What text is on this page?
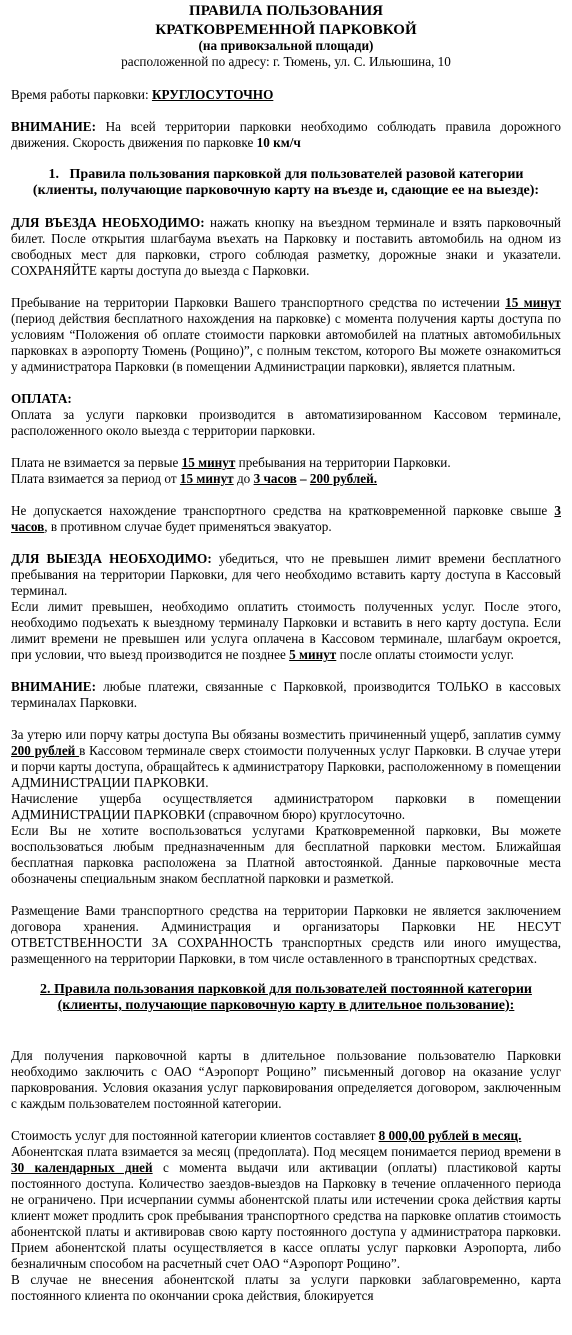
ПРАВИЛА ПОЛЬЗОВАНИЯ
КРАТКОВРЕМЕННОЙ ПАРКОВКОЙ
(на привокзальной площади)
расположенной по адресу: г. Тюмень, ул. С. Ильюшина, 10

Время работы парковки: КРУГЛОСУТОЧНО

ВНИМАНИЕ: На всей территории парковки необходимо соблюдать правила дорожного движения. Скорость движения по парковке 10 км/ч

1. Правила пользования парковкой для пользователей разовой категории
(клиенты, получающие парковочную карту на въезде и, сдающие ее на выезде):

ДЛЯ ВЪЕЗДА НЕОБХОДИМО: нажать кнопку на въездном терминале и взять парковочный билет. После открытия шлагбаума въехать на Парковку и поставить автомобиль на одном из свободных мест для парковки, строго соблюдая разметку, дорожные знаки и указатели. СОХРАНЯЙТЕ карты доступа до выезда с Парковки.

Пребывание на территории Парковки Вашего транспортного средства по истечении 15 минут (период действия бесплатного нахождения на парковке) с момента получения карты доступа по условиям “Положения об оплате стоимости парковки автомобилей на платных автомобильных парковках в аэропорту Тюмень (Рощино)”, с полным текстом, которого Вы можете ознакомиться у администратора Парковки (в помещении Администрации парковки), является платным.

ОПЛАТА:

Оплата за услуги парковки производится в автоматизированном Кассовом терминале, расположенного около выезда с территории парковки.

Плата не взимается за первые 15 минут пребывания на территории Парковки.

Плата взимается за период от 15 минут до 3 часов – 200 рублей.

Не допускается нахождение транспортного средства на кратковременной парковке свыше 3 часов, в противном случае будет применяться эвакуатор.

ДЛЯ ВЫЕЗДА НЕОБХОДИМО: убедиться, что не превышен лимит времени бесплатного пребывания на территории Парковки, для чего необходимо вставить карту доступа в Кассовый терминал.

Если лимит превышен, необходимо оплатить стоимость полученных услуг. После этого, необходимо подъехать к выездному терминалу Парковки и вставить в него карту доступа. Если лимит времени не превышен или услуга оплачена в Кассовом терминале, шлагбаум окроется, при условии, что выезд производится не позднее 5 минут после оплаты стоимости услуг.

ВНИМАНИЕ: любые платежи, связанные с Парковкой, производится ТОЛЬКО в кассовых терминалах Парковки.

За утерю или порчу катры доступа Вы обязаны возместить причиненный ущерб, заплатив сумму 200 рублей в Кассовом терминале сверх стоимости полученных услуг Парковки. В случае утери и порчи карты доступа, обращайтесь к администратору Парковки, расположенному в помещении АДМИНИСТРАЦИИ ПАРКОВКИ.

Начисление ущерба осуществляется администратором парковки в помещении АДМИНИСТРАЦИИ ПАРКОВКИ (справочном бюро) круглосуточно.

Если Вы не хотите воспользоваться услугами Кратковременной парковки, Вы можете воспользоваться любым предназначенным для бесплатной парковки местом. Ближайшая бесплатная парковка расположена за Платной автостоянкой. Данные парковочные места обозначены специальным знаком бесплатной парковки и разметкой.

Размещение Вами транспортного средства на территории Парковки не является заключением договора хранения. Администрация и организаторы Парковки НЕ НЕСУТ ОТВЕТСТВЕННОСТИ ЗА СОХРАННОСТЬ транспортных средств или иного имущества, размещенного на территории Парковки, в том числе оставленного в транспортных средствах.

2. Правила пользования парковкой для пользователей постоянной категории
(клиенты, получающие парковочную карту в длительное пользование):

Для получения парковочной карты в длительное пользование пользователю Парковки необходимо заключить с ОАО “Аэропорт Рощино” письменный договор на оказание услуг парковрования. Условия оказания услуг парковирования определяется договором, заключенным с каждым пользователем постоянной категории.

Стоимость услуг для постоянной категории клиентов составляет 8 000,00 рублей в месяц.

Абонентская плата взимается за месяц (предоплата). Под месяцем понимается период времени в 30 календарных дней с момента выдачи или активации (оплаты) пластиковой карты постоянного доступа. Количество заездов-выездов на Парковку в течение оплаченного периода не ограничено. При исчерпании суммы абонентской платы или истечении срока действия карты клиент может продлить срок пребывания транспортного средства на парковке оплатив стоимость абонентской платы и активировав свою карту постоянного доступа у администратора парковки. Прием абонентской платы осуществляется в кассе оплаты услуг парковки Аэропорта, либо безналичным способом на расчетный счет ОАО “Аэропорт Рощино”.

В случае не внесения абонентской платы за услуги парковки заблаговременно, карта постоянного клиента по окончании срока действия, блокируется
